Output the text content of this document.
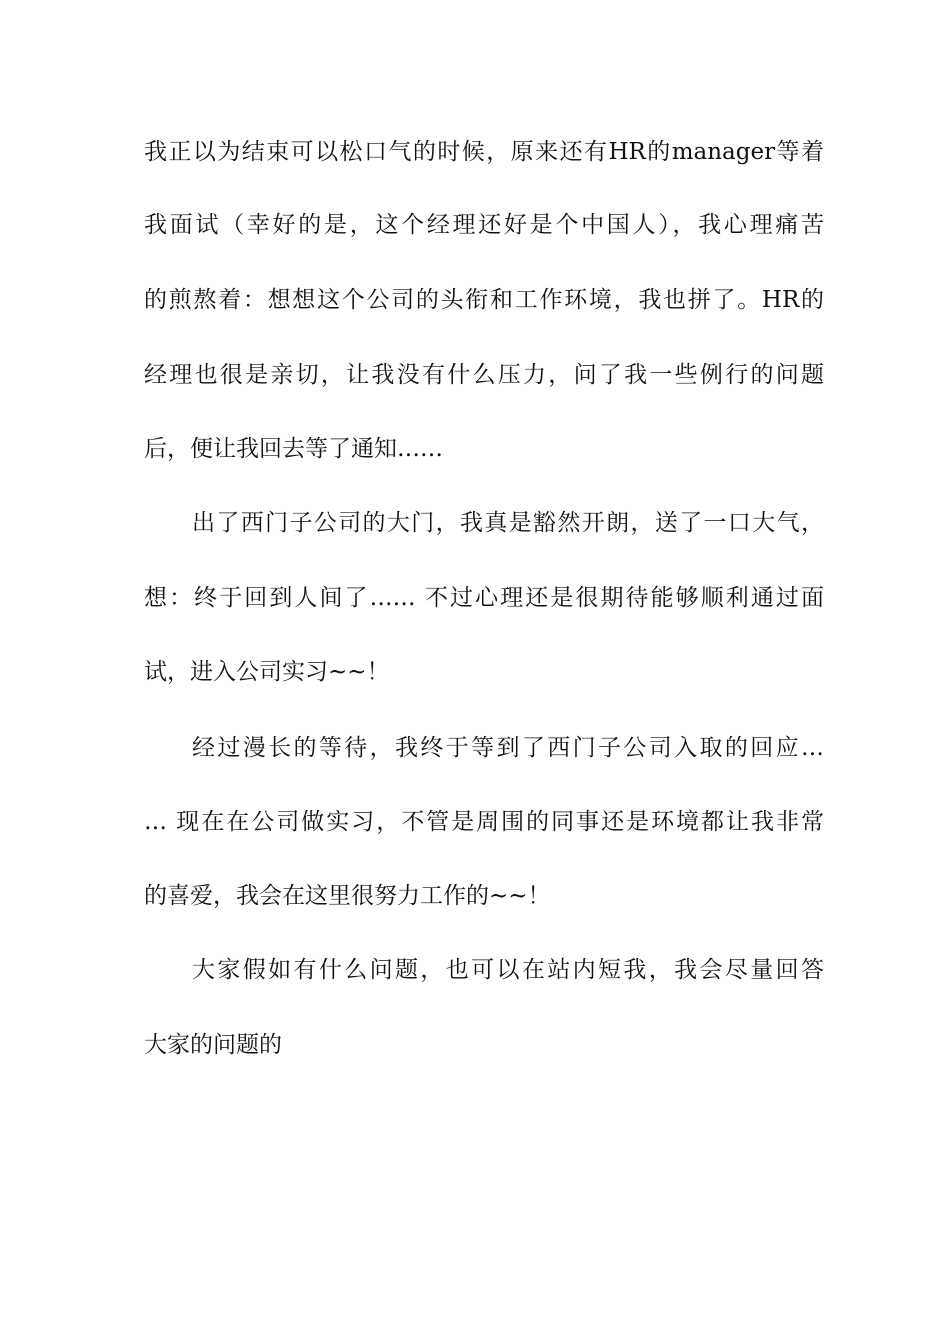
我正以为结束可以松口气的时候，原来还有HR的manager等着
我面试（幸好的是，这个经理还好是个中国人），我心理痛苦
的煎熬着：想想这个公司的头衔和工作环境，我也拼了。HR的
经理也很是亲切，让我没有什么压力，问了我一些例行的问题
后，便让我回去等了通知……
出了西门子公司的大门，我真是豁然开朗，送了一口大气，
想：终于回到人间了…… 不过心理还是很期待能够顺利通过面
试，进入公司实习~~！
经过漫长的等待，我终于等到了西门子公司入取的回应…
… 现在在公司做实习，不管是周围的同事还是环境都让我非常
的喜爱，我会在这里很努力工作的~~！
大家假如有什么问题，也可以在站内短我，我会尽量回答
大家的问题的
